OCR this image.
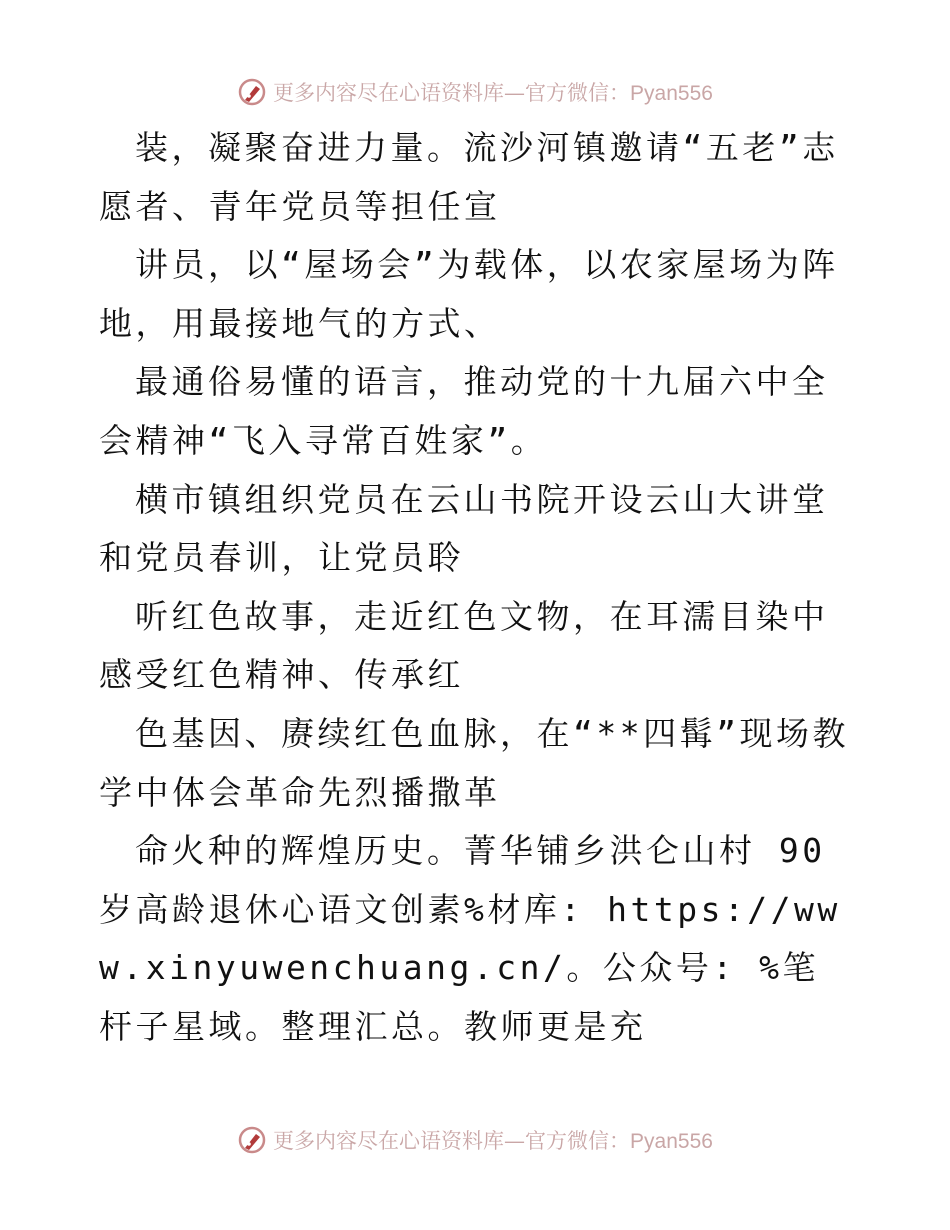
更多内容尽在心语资料库—官方微信：Pyan556

装，凝聚奋进力量。流沙河镇邀请“五老”志愿者、青年党员等担任宣

讲员，以“屋场会”为载体，以农家屋场为阵地，用最接地气的方式、

最通俗易懂的语言，推动党的十九届六中全会精神“飞入寻常百姓家”。

横市镇组织党员在云山书院开设云山大讲堂和党员春训，让党员聆

听红色故事，走近红色文物，在耳濡目染中感受红色精神、传承红

色基因、赓续红色血脉，在“**四髯”现场教学中体会革命先烈播撒革

命火种的辉煌历史。菁华铺乡洪仑山村 90 岁高龄退休心语文创素%材库: https://www.xinyuwenchuang.cn/。公众号: %笔杆子星域。整理汇总。教师更是充

更多内容尽在心语资料库—官方微信：Pyan556
